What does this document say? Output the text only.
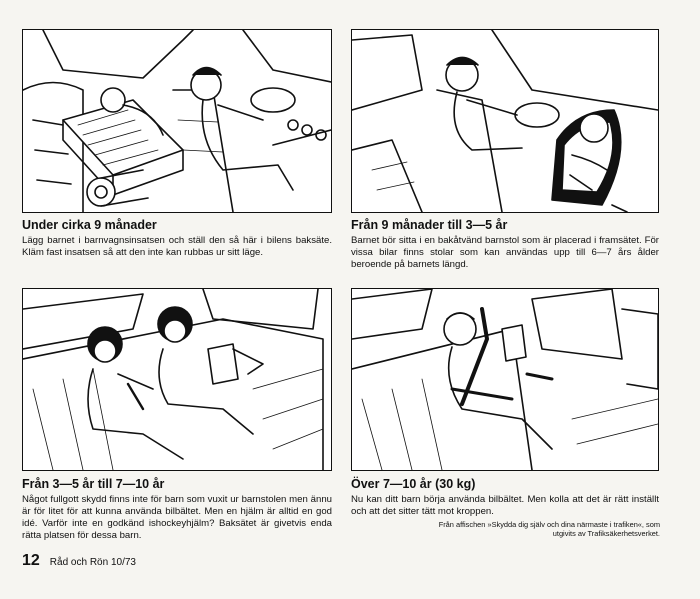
Under cirka 9 månader

Lägg barnet i barnvagnsinsatsen och ställ den så här i bilens baksäte. Kläm fast insatsen så att den inte kan rubbas ur sitt läge.

Från 9 månader till 3—5 år

Barnet bör sitta i en bakåtvänd barnstol som är placerad i framsätet. För vissa bilar finns stolar som kan användas upp till 6—7 års ålder beroende på barnets längd.

Från 3—5 år till 7—10 år

Något fullgott skydd finns inte för barn som vuxit ur barnstolen men ännu är för litet för att kunna använda bilbältet. Men en hjälm är alltid en god idé. Varför inte en godkänd ishockeyhjälm? Baksätet är givetvis enda rätta platsen för dessa barn.

Över 7—10 år (30 kg)

Nu kan ditt barn börja använda bilbältet. Men kolla att det är rätt inställt och att det sitter tätt mot kroppen.

Från affischen »Skydda dig själv och dina närmaste i trafiken«, som utgivits av Trafiksäkerhetsverket.

12 Råd och Rön 10/73
